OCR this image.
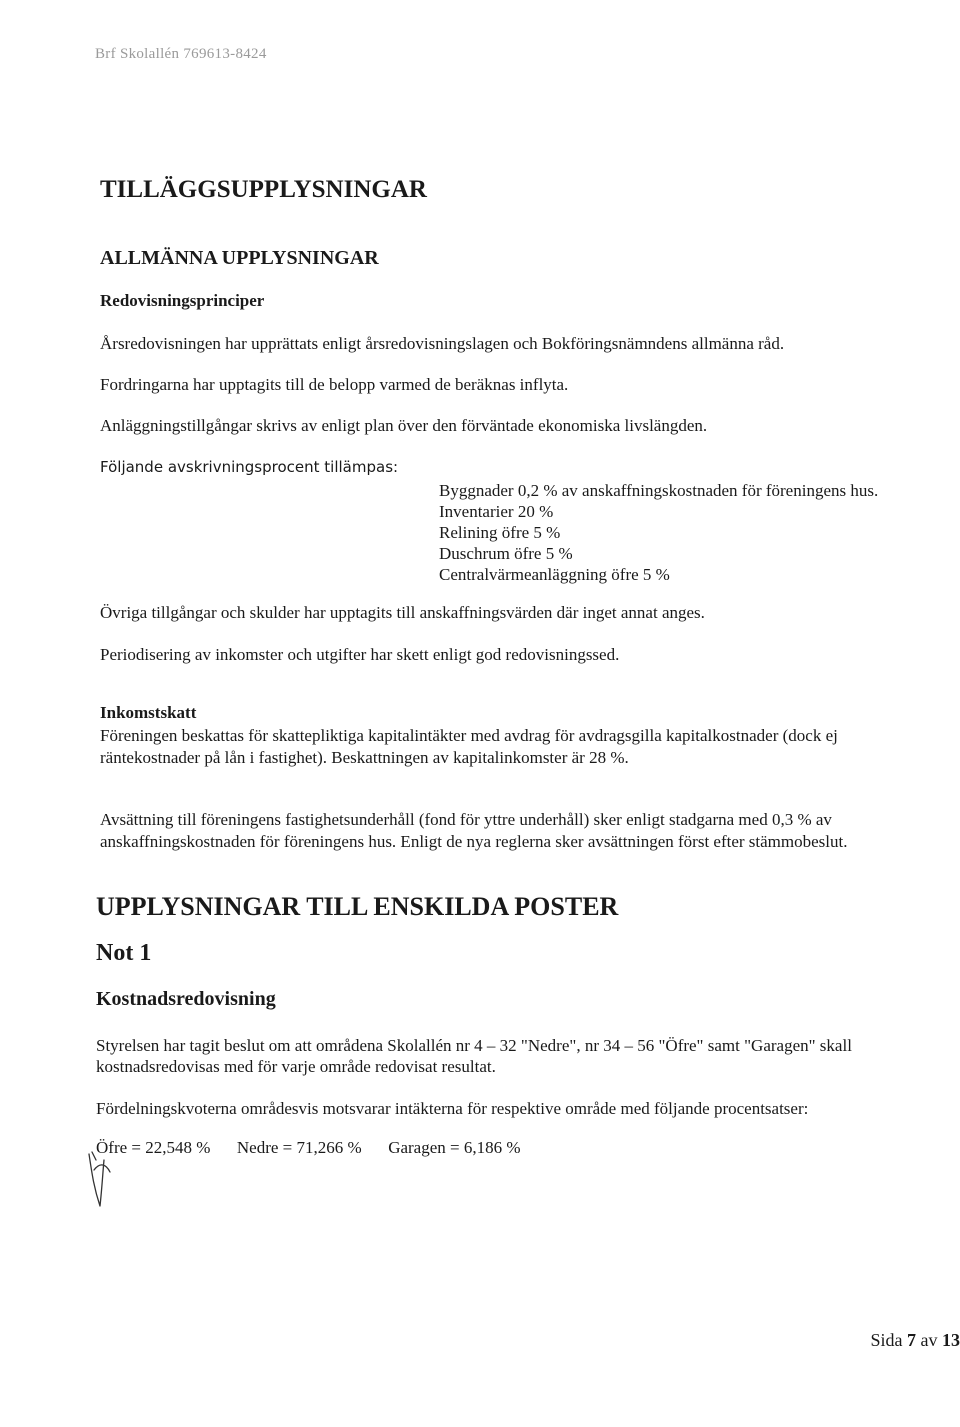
Brf Skolallén 769613-8424
TILLÄGGSUPPLYSNINGAR
ALLMÄNNA UPPLYSNINGAR
Redovisningsprinciper
Årsredovisningen har upprättats enligt årsredovisningslagen och Bokföringsnämndens allmänna råd.
Fordringarna har upptagits till de belopp varmed de beräknas inflyta.
Anläggningstillgångar skrivs av enligt plan över den förväntade ekonomiska livslängden.
Följande avskrivningsprocent tillämpas:
Byggnader 0,2 % av anskaffningskostnaden för föreningens hus.
Inventarier 20 %
Relining öfre 5 %
Duschrum öfre 5 %
Centralvärmeanläggning öfre 5 %
Övriga tillgångar och skulder har upptagits till anskaffningsvärden där inget annat anges.
Periodisering av inkomster och utgifter har skett enligt god redovisningssed.
Inkomstskatt
Föreningen beskattas för skattepliktiga kapitalintäkter med avdrag för avdragsgilla kapitalkostnader (dock ej
räntekostnader på lån i fastighet). Beskattningen av kapitalinkomster är 28 %.
Avsättning till föreningens fastighetsunderhåll (fond för yttre underhåll) sker enligt stadgarna med 0,3 % av
anskaffningskostnaden för föreningens hus. Enligt de nya reglerna sker avsättningen först efter stämmobeslut.
UPPLYSNINGAR TILL ENSKILDA POSTER
Not 1
Kostnadsredovisning
Styrelsen har tagit beslut om att områdena Skolallén nr 4 – 32 "Nedre", nr 34 – 56 "Öfre" samt "Garagen" skall
kostnadsredovisas med för varje område redovisat resultat.
Fördelningskvoterna områdesvis motsvarar intäkterna för respektive område med följande procentsatser:
Öfre = 22,548 % Nedre = 71,266 % Garagen = 6,186 %
Sida 7 av 13
